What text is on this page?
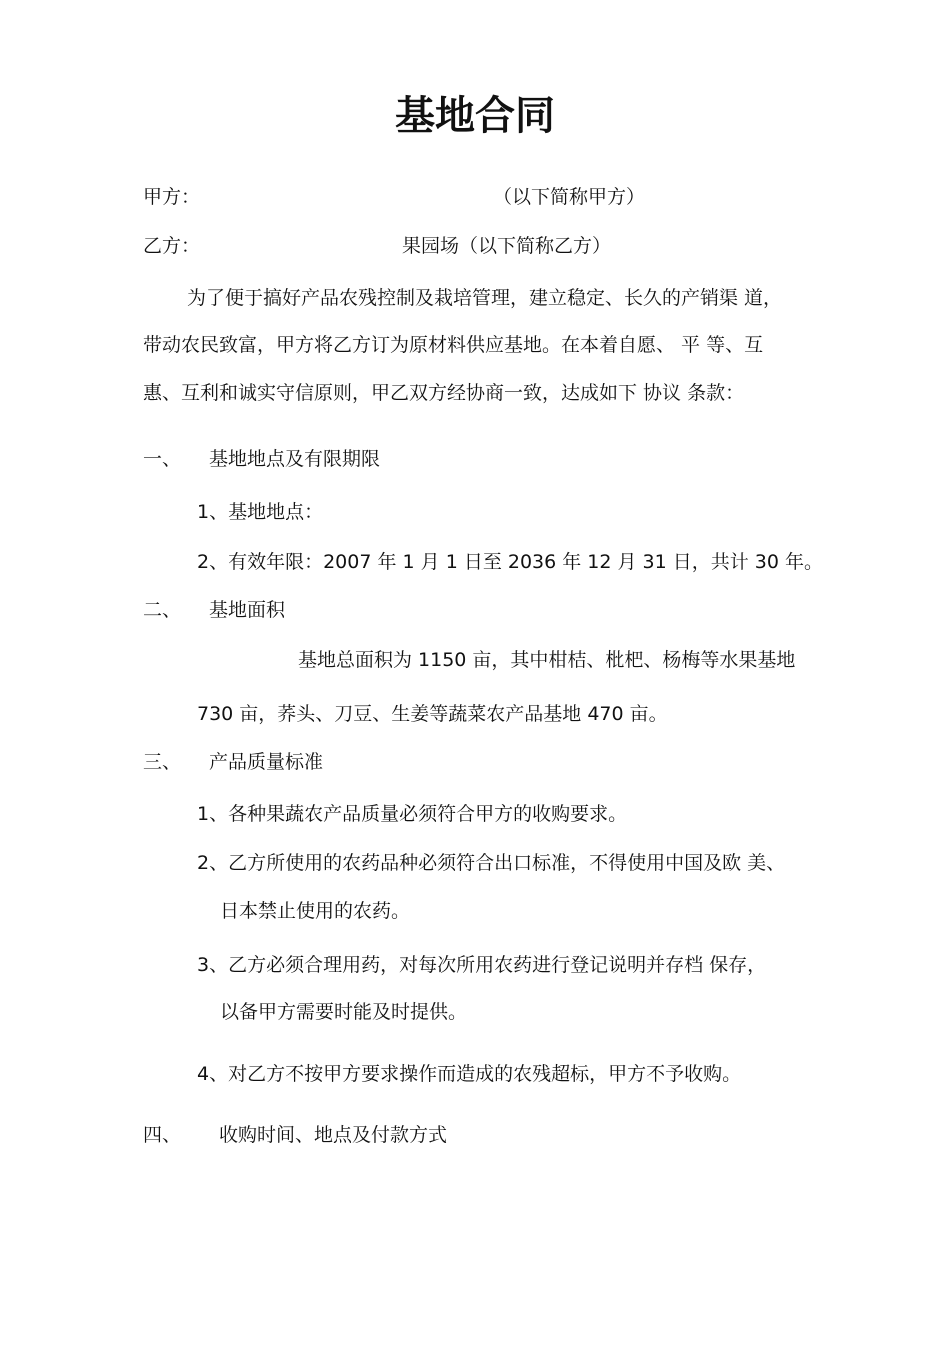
基地合同
甲方：	（以下简称甲方）
乙方：	果园场（以下简称乙方）
为了便于搞好产品农残控制及栽培管理，建立稳定、长久的产销渠 道，
带动农民致富，甲方将乙方订为原材料供应基地。在本着自愿、 平 等、互
惠、互利和诚实守信原则，甲乙双方经协商一致，达成如下 协议 条款：
一、 基地地点及有限期限
1、基地地点：
2、有效年限：2007 年 1 月 1 日至 2036 年 12 月 31 日，共计 30 年。
二、 基地面积
基地总面积为 1150 亩，其中柑桔、枇杷、杨梅等水果基地
730 亩，荞头、刀豆、生姜等蔬菜农产品基地 470 亩。
三、 产品质量标准
1、各种果蔬农产品质量必须符合甲方的收购要求。
2、乙方所使用的农药品种必须符合出口标准，不得使用中国及欧 美、
日本禁止使用的农药。
3、乙方必须合理用药，对每次所用农药进行登记说明并存档 保存，
以备甲方需要时能及时提供。
4、对乙方不按甲方要求操作而造成的农残超标，甲方不予收购。
四、 收购时间、地点及付款方式
